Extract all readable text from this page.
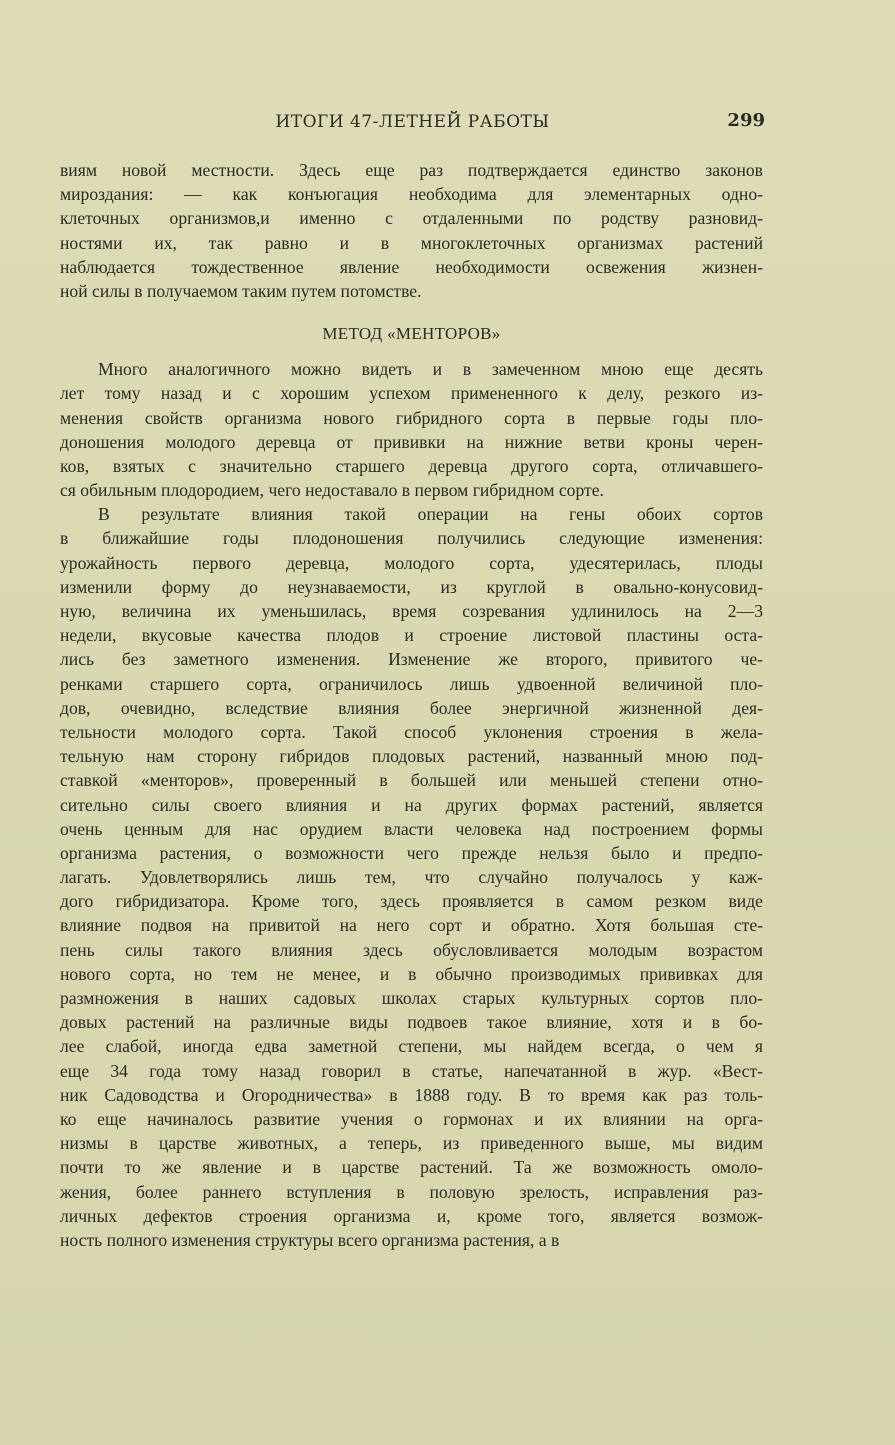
ИТОГИ 47-ЛЕТНЕЙ РАБОТЫ	299
виям новой местности. Здесь еще раз подтверждается единство законов
мироздания: — как конъюгация необходима для элементарных одно-
клеточных организмов,и именно с отдаленными по родству разновид-
ностями их, так равно и в многоклеточных организмах растений
наблюдается тождественное явление необходимости освежения жизнен-
ной силы в получаемом таким путем потомстве.
МЕТОД «МЕНТОРОВ»
Много аналогичного можно видеть и в замеченном мною еще десять
лет тому назад и с хорошим успехом примененного к делу, резкого из-
менения свойств организма нового гибридного сорта в первые годы пло-
доношения молодого деревца от прививки на нижние ветви кроны черен-
ков, взятых с значительно старшего деревца другого сорта, отличавшего-
ся обильным плодородием, чего недоставало в первом гибридном сорте.
В результате влияния такой операции на гены обоих сортов
в ближайшие годы плодоношения получились следующие изменения:
урожайность первого деревца, молодого сорта, удесятерилась, плоды
изменили форму до неузнаваемости, из круглой в овально-конусовид-
ную, величина их уменьшилась, время созревания удлинилось на 2—3
недели, вкусовые качества плодов и строение листовой пластины оста-
лись без заметного изменения. Изменение же второго, привитого че-
ренками старшего сорта, ограничилось лишь удвоенной величиной пло-
дов, очевидно, вследствие влияния более энергичной жизненной дея-
тельности молодого сорта. Такой способ уклонения строения в жела-
тельную нам сторону гибридов плодовых растений, названный мною под-
ставкой «менторов», проверенный в большей или меньшей степени отно-
сительно силы своего влияния и на других формах растений, является
очень ценным для нас орудием власти человека над построением формы
организма растения, о возможности чего прежде нельзя было и предпо-
лагать. Удовлетворялись лишь тем, что случайно получалось у каж-
дого гибридизатора. Кроме того, здесь проявляется в самом резком виде
влияние подвоя на привитой на него сорт и обратно. Хотя большая сте-
пень силы такого влияния здесь обусловливается молодым возрастом
нового сорта, но тем не менее, и в обычно производимых прививках для
размножения в наших садовых школах старых культурных сортов пло-
довых растений на различные виды подвоев такое влияние, хотя и в бо-
лее слабой, иногда едва заметной степени, мы найдем всегда, о чем я
еще 34 года тому назад говорил в статье, напечатанной в жур. «Вест-
ник Садоводства и Огородничества» в 1888 году. В то время как раз толь-
ко еще начиналось развитие учения о гормонах и их влиянии на орга-
низмы в царстве животных, а теперь, из приведенного выше, мы видим
почти то же явление и в царстве растений. Та же возможность омоло-
жения, более раннего вступления в половую зрелость, исправления раз-
личных дефектов строения организма и, кроме того, является возмож-
ность полного изменения структуры всего организма растения, а в
